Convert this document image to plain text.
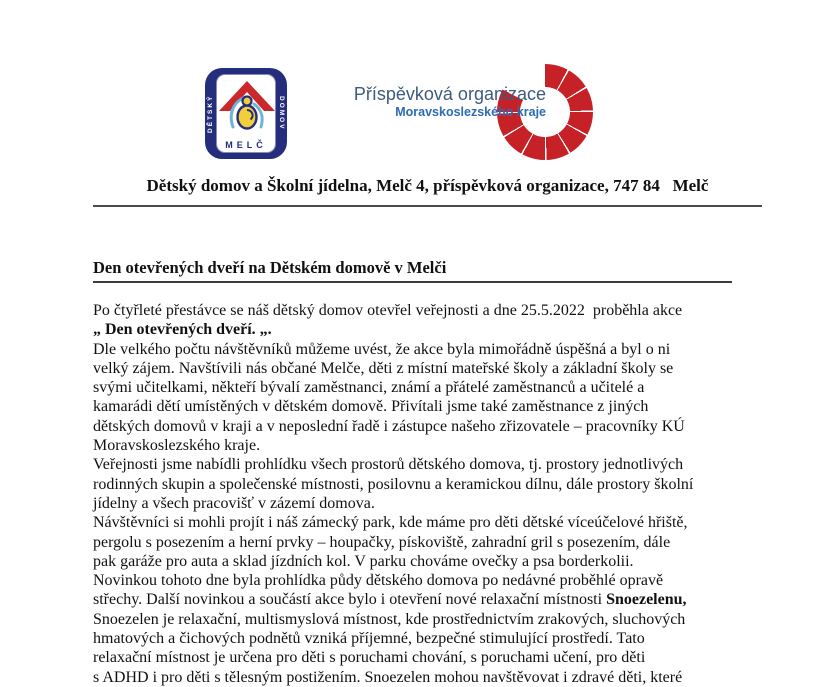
DĚTSKÝ	DOMOV
MELČ
Příspěvková organizace
Moravskoslezského kraje
Dětský domov a Školní jídelna, Melč 4, příspěvková organizace, 747 84   Melč
Den otevřených dveří na Dětském domově v Melči
Po čtyřleté přestávce se náš dětský domov otevřel veřejnosti a dne 25.5.2022  proběhla akce
„ Den otevřených dveří. „.
Dle velkého počtu návštěvníků můžeme uvést, že akce byla mimořádně úspěšná a byl o ni
velký zájem. Navštívili nás občané Melče, děti z místní mateřské školy a základní školy se
svými učitelkami, někteří bývalí zaměstnanci, známí a přátelé zaměstnanců a učitelé a
kamarádi dětí umístěných v dětském domově. Přivítali jsme také zaměstnance z jiných
dětských domovů v kraji a v neposlední řadě i zástupce našeho zřizovatele – pracovníky KÚ
Moravskoslezského kraje.
Veřejnosti jsme nabídli prohlídku všech prostorů dětského domova, tj. prostory jednotlivých
rodinných skupin a společenské místnosti, posilovnu a keramickou dílnu, dále prostory školní
jídelny a všech pracovišť v zázemí domova.
Návštěvníci si mohli projít i náš zámecký park, kde máme pro děti dětské víceúčelové hřiště,
pergolu s posezením a herní prvky – houpačky, pískoviště, zahradní gril s posezením, dále
pak garáže pro auta a sklad jízdních kol. V parku chováme ovečky a psa borderkolii.
Novinkou tohoto dne byla prohlídka půdy dětského domova po nedávné proběhlé opravě
střechy. Další novinkou a součástí akce bylo i otevření nové relaxační místnosti Snoezelenu,
Snoezelen je relaxační, multismyslová místnost, kde prostřednictvím zrakových, sluchových
hmatových a čichových podnětů vzniká příjemné, bezpečné stimulující prostředí. Tato
relaxační místnost je určena pro děti s poruchami chování, s poruchami učení, pro děti
s ADHD i pro děti s tělesným postižením. Snoezelen mohou navštěvovat i zdravé děti, které
